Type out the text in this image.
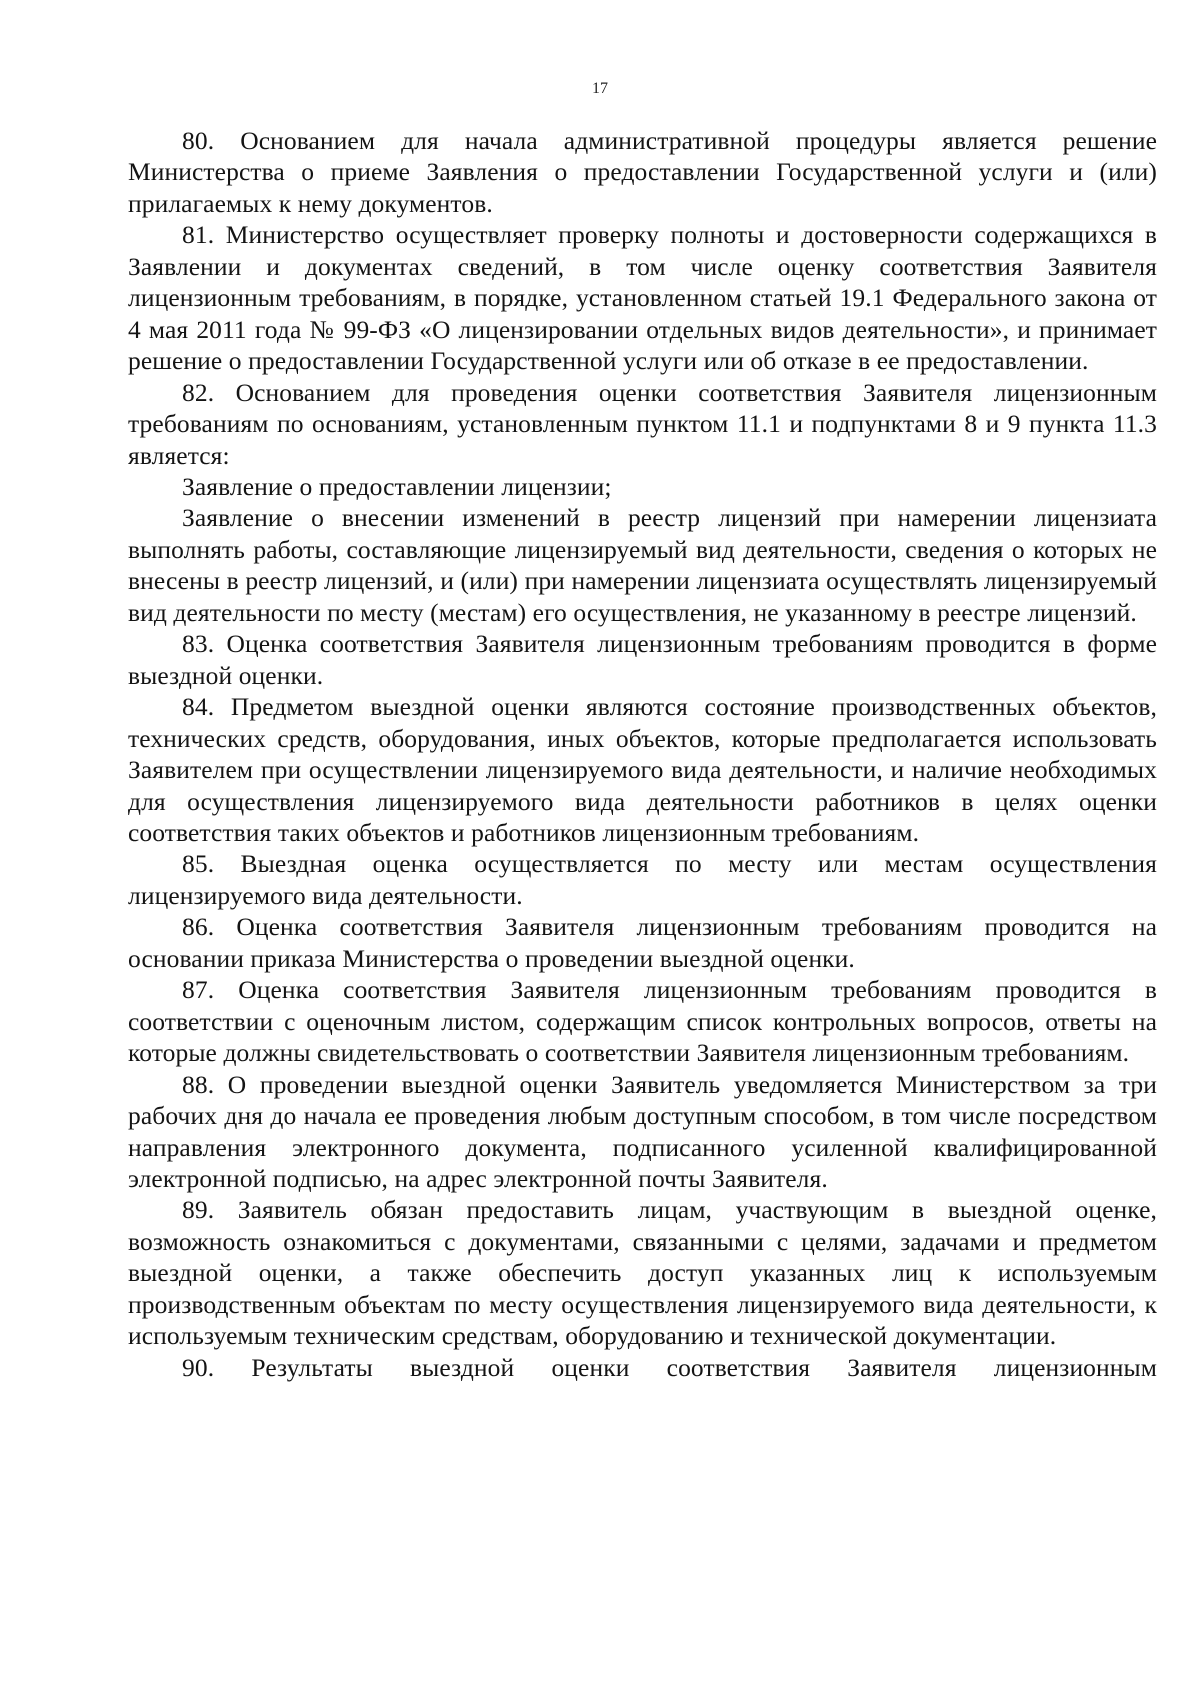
17

80. Основанием для начала административной процедуры является решение Министерства о приеме Заявления о предоставлении Государственной услуги и (или) прилагаемых к нему документов.

81. Министерство осуществляет проверку полноты и достоверности содержащихся в Заявлении и документах сведений, в том числе оценку соответствия Заявителя лицензионным требованиям, в порядке, установленном статьей 19.1 Федерального закона от 4 мая 2011 года № 99-ФЗ «О лицензировании отдельных видов деятельности», и принимает решение о предоставлении Государственной услуги или об отказе в ее предоставлении.

82. Основанием для проведения оценки соответствия Заявителя лицензионным требованиям по основаниям, установленным пунктом 11.1 и подпунктами 8 и 9 пункта 11.3 является:

Заявление о предоставлении лицензии;

Заявление о внесении изменений в реестр лицензий при намерении лицензиата выполнять работы, составляющие лицензируемый вид деятельности, сведения о которых не внесены в реестр лицензий, и (или) при намерении лицензиата осуществлять лицензируемый вид деятельности по месту (местам) его осуществления, не указанному в реестре лицензий.

83. Оценка соответствия Заявителя лицензионным требованиям проводится в форме выездной оценки.

84. Предметом выездной оценки являются состояние производственных объектов, технических средств, оборудования, иных объектов, которые предполагается использовать Заявителем при осуществлении лицензируемого вида деятельности, и наличие необходимых для осуществления лицензируемого вида деятельности работников в целях оценки соответствия таких объектов и работников лицензионным требованиям.

85. Выездная оценка осуществляется по месту или местам осуществления лицензируемого вида деятельности.

86. Оценка соответствия Заявителя лицензионным требованиям проводится на основании приказа Министерства о проведении выездной оценки.

87. Оценка соответствия Заявителя лицензионным требованиям проводится в соответствии с оценочным листом, содержащим список контрольных вопросов, ответы на которые должны свидетельствовать о соответствии Заявителя лицензионным требованиям.

88. О проведении выездной оценки Заявитель уведомляется Министерством за три рабочих дня до начала ее проведения любым доступным способом, в том числе посредством направления электронного документа, подписанного усиленной квалифицированной электронной подписью, на адрес электронной почты Заявителя.

89. Заявитель обязан предоставить лицам, участвующим в выездной оценке, возможность ознакомиться с документами, связанными с целями, задачами и предметом выездной оценки, а также обеспечить доступ указанных лиц к используемым производственным объектам по месту осуществления лицензируемого вида деятельности, к используемым техническим средствам, оборудованию и технической документации.

90. Результаты выездной оценки соответствия Заявителя лицензионным
